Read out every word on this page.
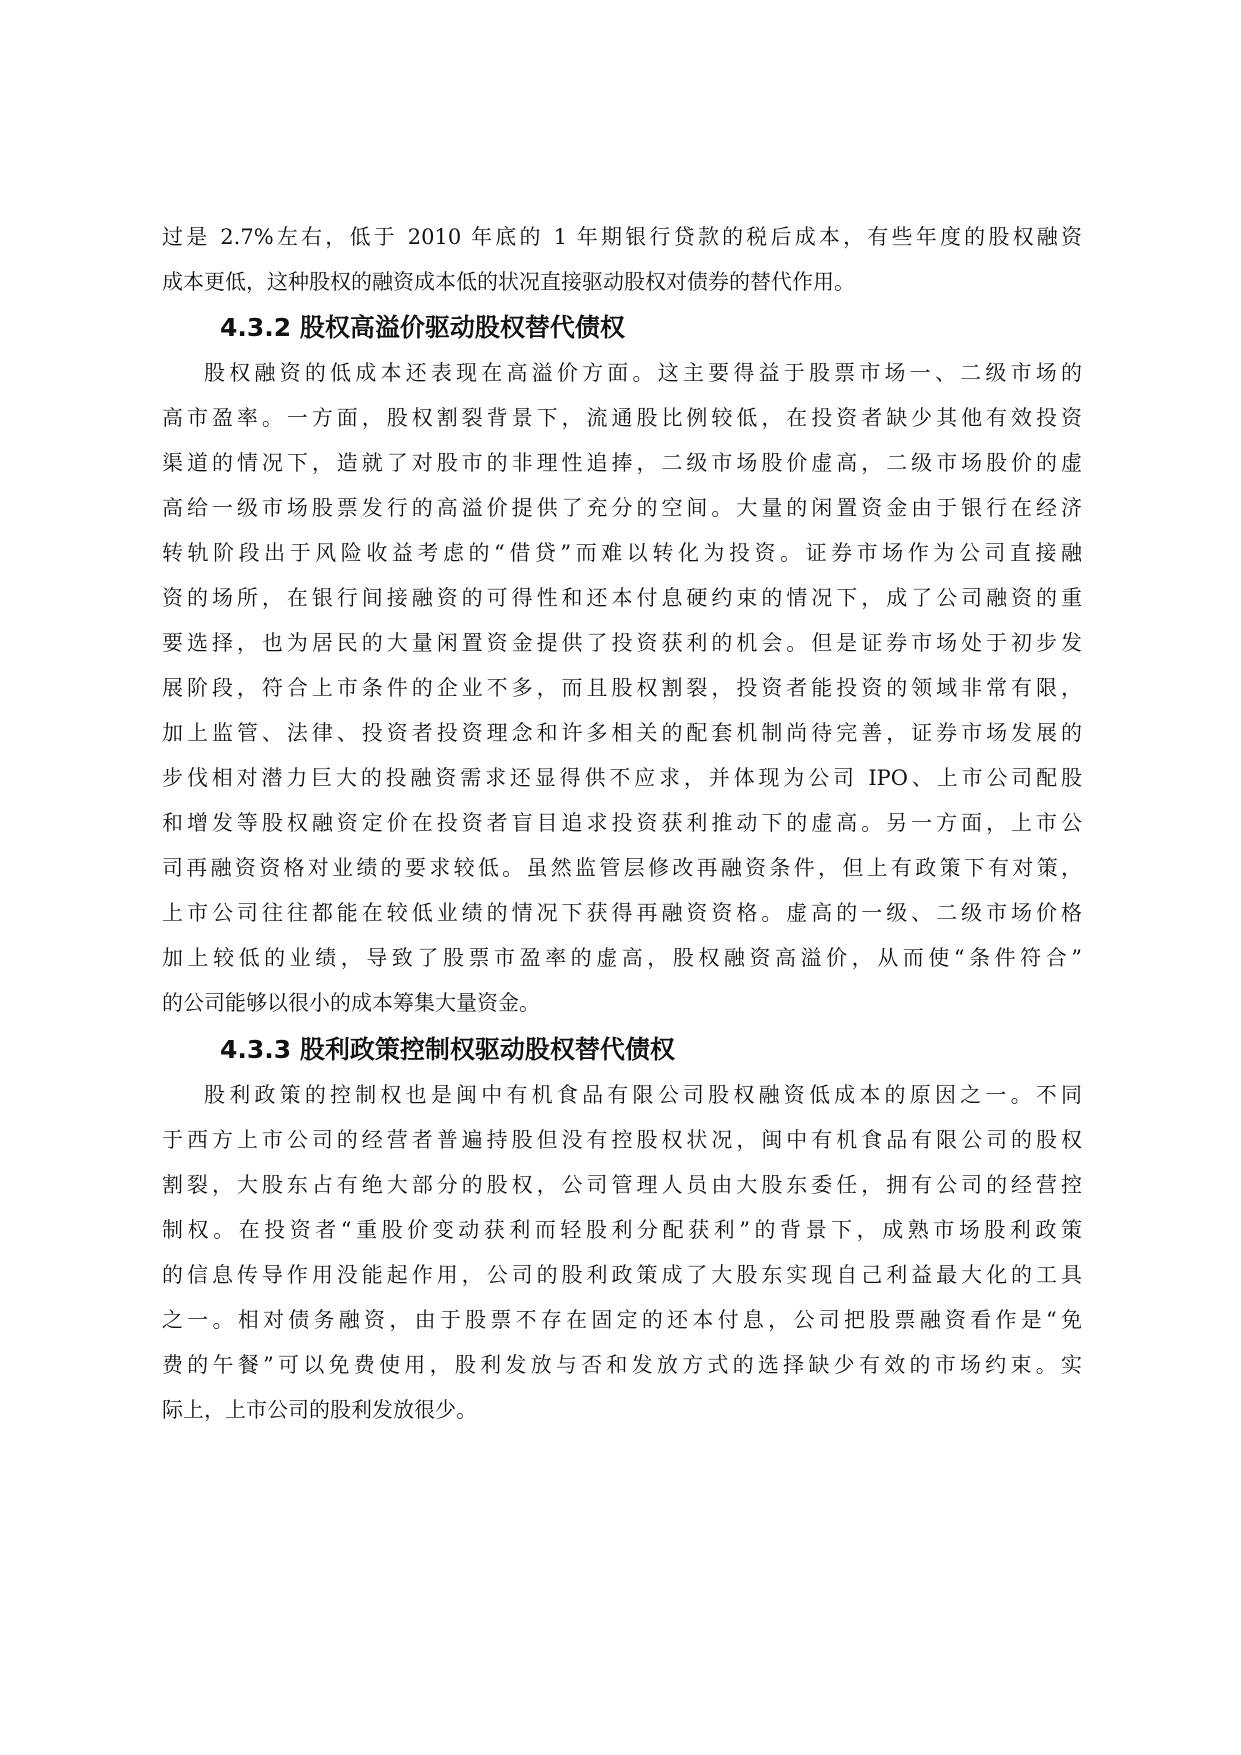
过是 2.7%左右，低于 2010 年底的 1 年期银行贷款的税后成本，有些年度的股权融资
成本更低，这种股权的融资成本低的状况直接驱动股权对债券的替代作用。
4.3.2 股权高溢价驱动股权替代债权
股权融资的低成本还表现在高溢价方面。这主要得益于股票市场一、二级市场的
高市盈率。一方面，股权割裂背景下，流通股比例较低，在投资者缺少其他有效投资
渠道的情况下，造就了对股市的非理性追捧，二级市场股价虚高，二级市场股价的虚
高给一级市场股票发行的高溢价提供了充分的空间。大量的闲置资金由于银行在经济
转轨阶段出于风险收益考虑的“借贷”而难以转化为投资。证券市场作为公司直接融
资的场所，在银行间接融资的可得性和还本付息硬约束的情况下，成了公司融资的重
要选择，也为居民的大量闲置资金提供了投资获利的机会。但是证券市场处于初步发
展阶段，符合上市条件的企业不多，而且股权割裂，投资者能投资的领域非常有限，
加上监管、法律、投资者投资理念和许多相关的配套机制尚待完善，证券市场发展的
步伐相对潜力巨大的投融资需求还显得供不应求，并体现为公司 IPO、上市公司配股
和增发等股权融资定价在投资者盲目追求投资获利推动下的虚高。另一方面，上市公
司再融资资格对业绩的要求较低。虽然监管层修改再融资条件，但上有政策下有对策，
上市公司往往都能在较低业绩的情况下获得再融资资格。虚高的一级、二级市场价格
加上较低的业绩，导致了股票市盈率的虚高，股权融资高溢价，从而使“条件符合”
的公司能够以很小的成本筹集大量资金。
4.3.3 股利政策控制权驱动股权替代债权
股利政策的控制权也是闽中有机食品有限公司股权融资低成本的原因之一。不同
于西方上市公司的经营者普遍持股但没有控股权状况，闽中有机食品有限公司的股权
割裂，大股东占有绝大部分的股权，公司管理人员由大股东委任，拥有公司的经营控
制权。在投资者“重股价变动获利而轻股利分配获利”的背景下，成熟市场股利政策
的信息传导作用没能起作用，公司的股利政策成了大股东实现自己利益最大化的工具
之一。相对债务融资，由于股票不存在固定的还本付息，公司把股票融资看作是“免
费的午餐”可以免费使用，股利发放与否和发放方式的选择缺少有效的市场约束。实
际上，上市公司的股利发放很少。
